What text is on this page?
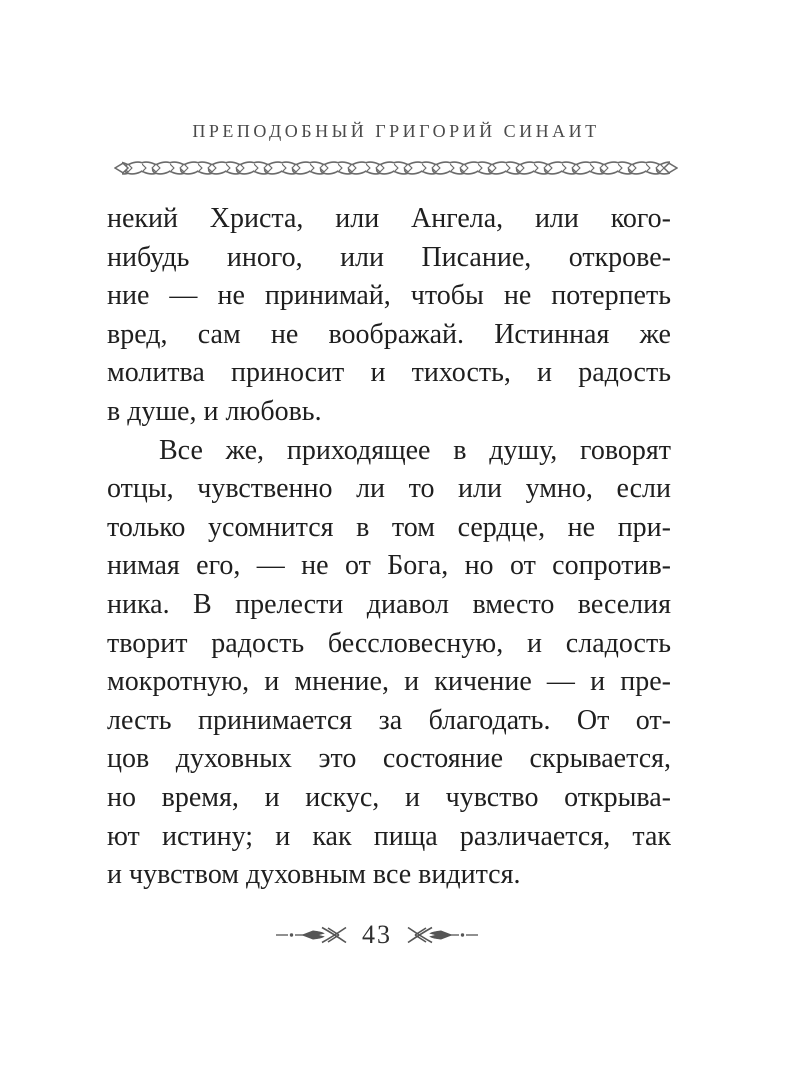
ПРЕПОДОБНЫЙ ГРИГОРИЙ СИНАИТ
некий Христа, или Ангела, или кого-
нибудь иного, или Писание, открове-
ние — не принимай, чтобы не потерпеть
вред, сам не воображай. Истинная же
молитва приносит и тихость, и радость
в душе, и любовь.
Все же, приходящее в душу, говорят
отцы, чувственно ли то или умно, если
только усомнится в том сердце, не при-
нимая его, — не от Бога, но от сопротив-
ника. В прелести диавол вместо веселия
творит радость бессловесную, и сладость
мокротную, и мнение, и кичение — и пре-
лесть принимается за благодать. От от-
цов духовных это состояние скрывается,
но время, и искус, и чувство открыва-
ют истину; и как пища различается, так
и чувством духовным все видится.
43
